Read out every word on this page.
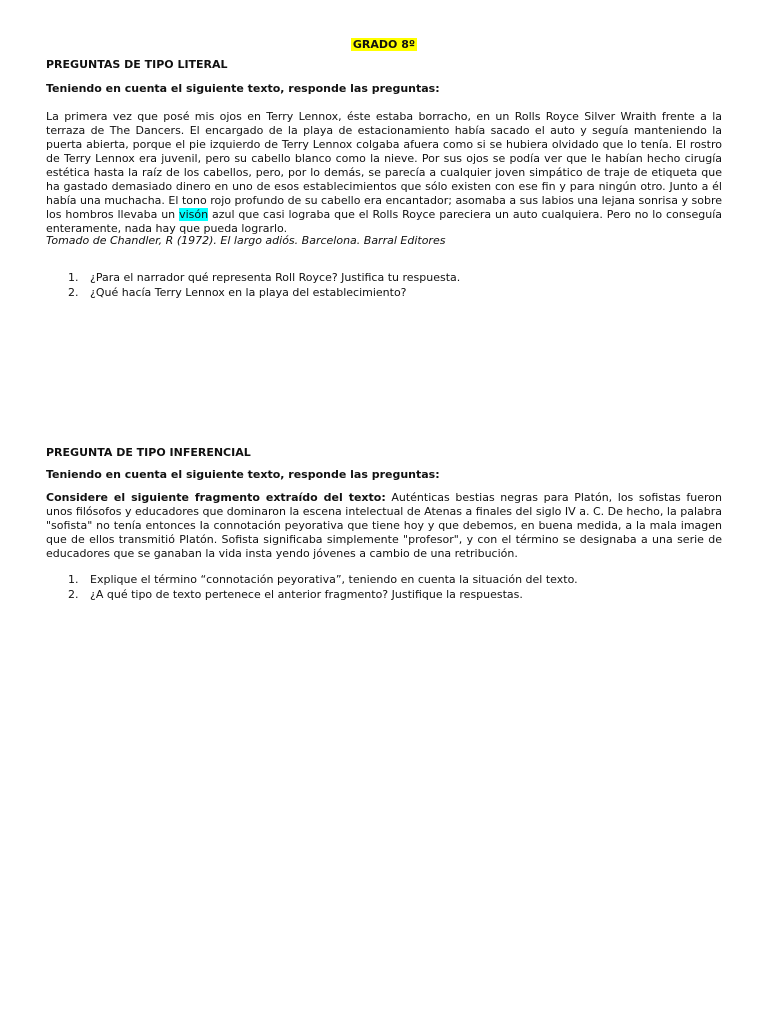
GRADO 8º
PREGUNTAS DE TIPO LITERAL
Teniendo en cuenta el siguiente texto, responde las preguntas:
La primera vez que posé mis ojos en Terry Lennox, éste estaba borracho, en un Rolls Royce Silver Wraith frente a la terraza de The Dancers. El encargado de la playa de estacionamiento había sacado el auto y seguía manteniendo la puerta abierta, porque el pie izquierdo de Terry Lennox colgaba afuera como si se hubiera olvidado que lo tenía. El rostro de Terry Lennox era juvenil, pero su cabello blanco como la nieve. Por sus ojos se podía ver que le habían hecho cirugía estética hasta la raíz de los cabellos, pero, por lo demás, se parecía a cualquier joven simpático de traje de etiqueta que ha gastado demasiado dinero en uno de esos establecimientos que sólo existen con ese fin y para ningún otro. Junto a él había una muchacha. El tono rojo profundo de su cabello era encantador; asomaba a sus labios una lejana sonrisa y sobre los hombros llevaba un visón azul que casi lograba que el Rolls Royce pareciera un auto cualquiera. Pero no lo conseguía enteramente, nada hay que pueda lograrlo.
Tomado de Chandler, R (1972). El largo adiós. Barcelona. Barral Editores
1. ¿Para el narrador qué representa Roll Royce? Justifica tu respuesta.
2. ¿Qué hacía Terry Lennox en la playa del establecimiento?
PREGUNTA DE TIPO INFERENCIAL
Teniendo en cuenta el siguiente texto, responde las preguntas:
Considere el siguiente fragmento extraído del texto: Auténticas bestias negras para Platón, los sofistas fueron unos filósofos y educadores que dominaron la escena intelectual de Atenas a finales del siglo IV a. C. De hecho, la palabra "sofista" no tenía entonces Ia connotación peyorativa que tiene hoy y que debemos, en buena medida, a la mala imagen que de ellos transmitió Platón. Sofista significaba simplemente "profesor", y con el término se designaba a una serie de educadores que se ganaban la vida insta yendo jóvenes a cambio de una retribución.
1. Explique el término “connotación peyorativa”, teniendo en cuenta la situación del texto.
2. ¿A qué tipo de texto pertenece el anterior fragmento? Justifique la respuestas.
